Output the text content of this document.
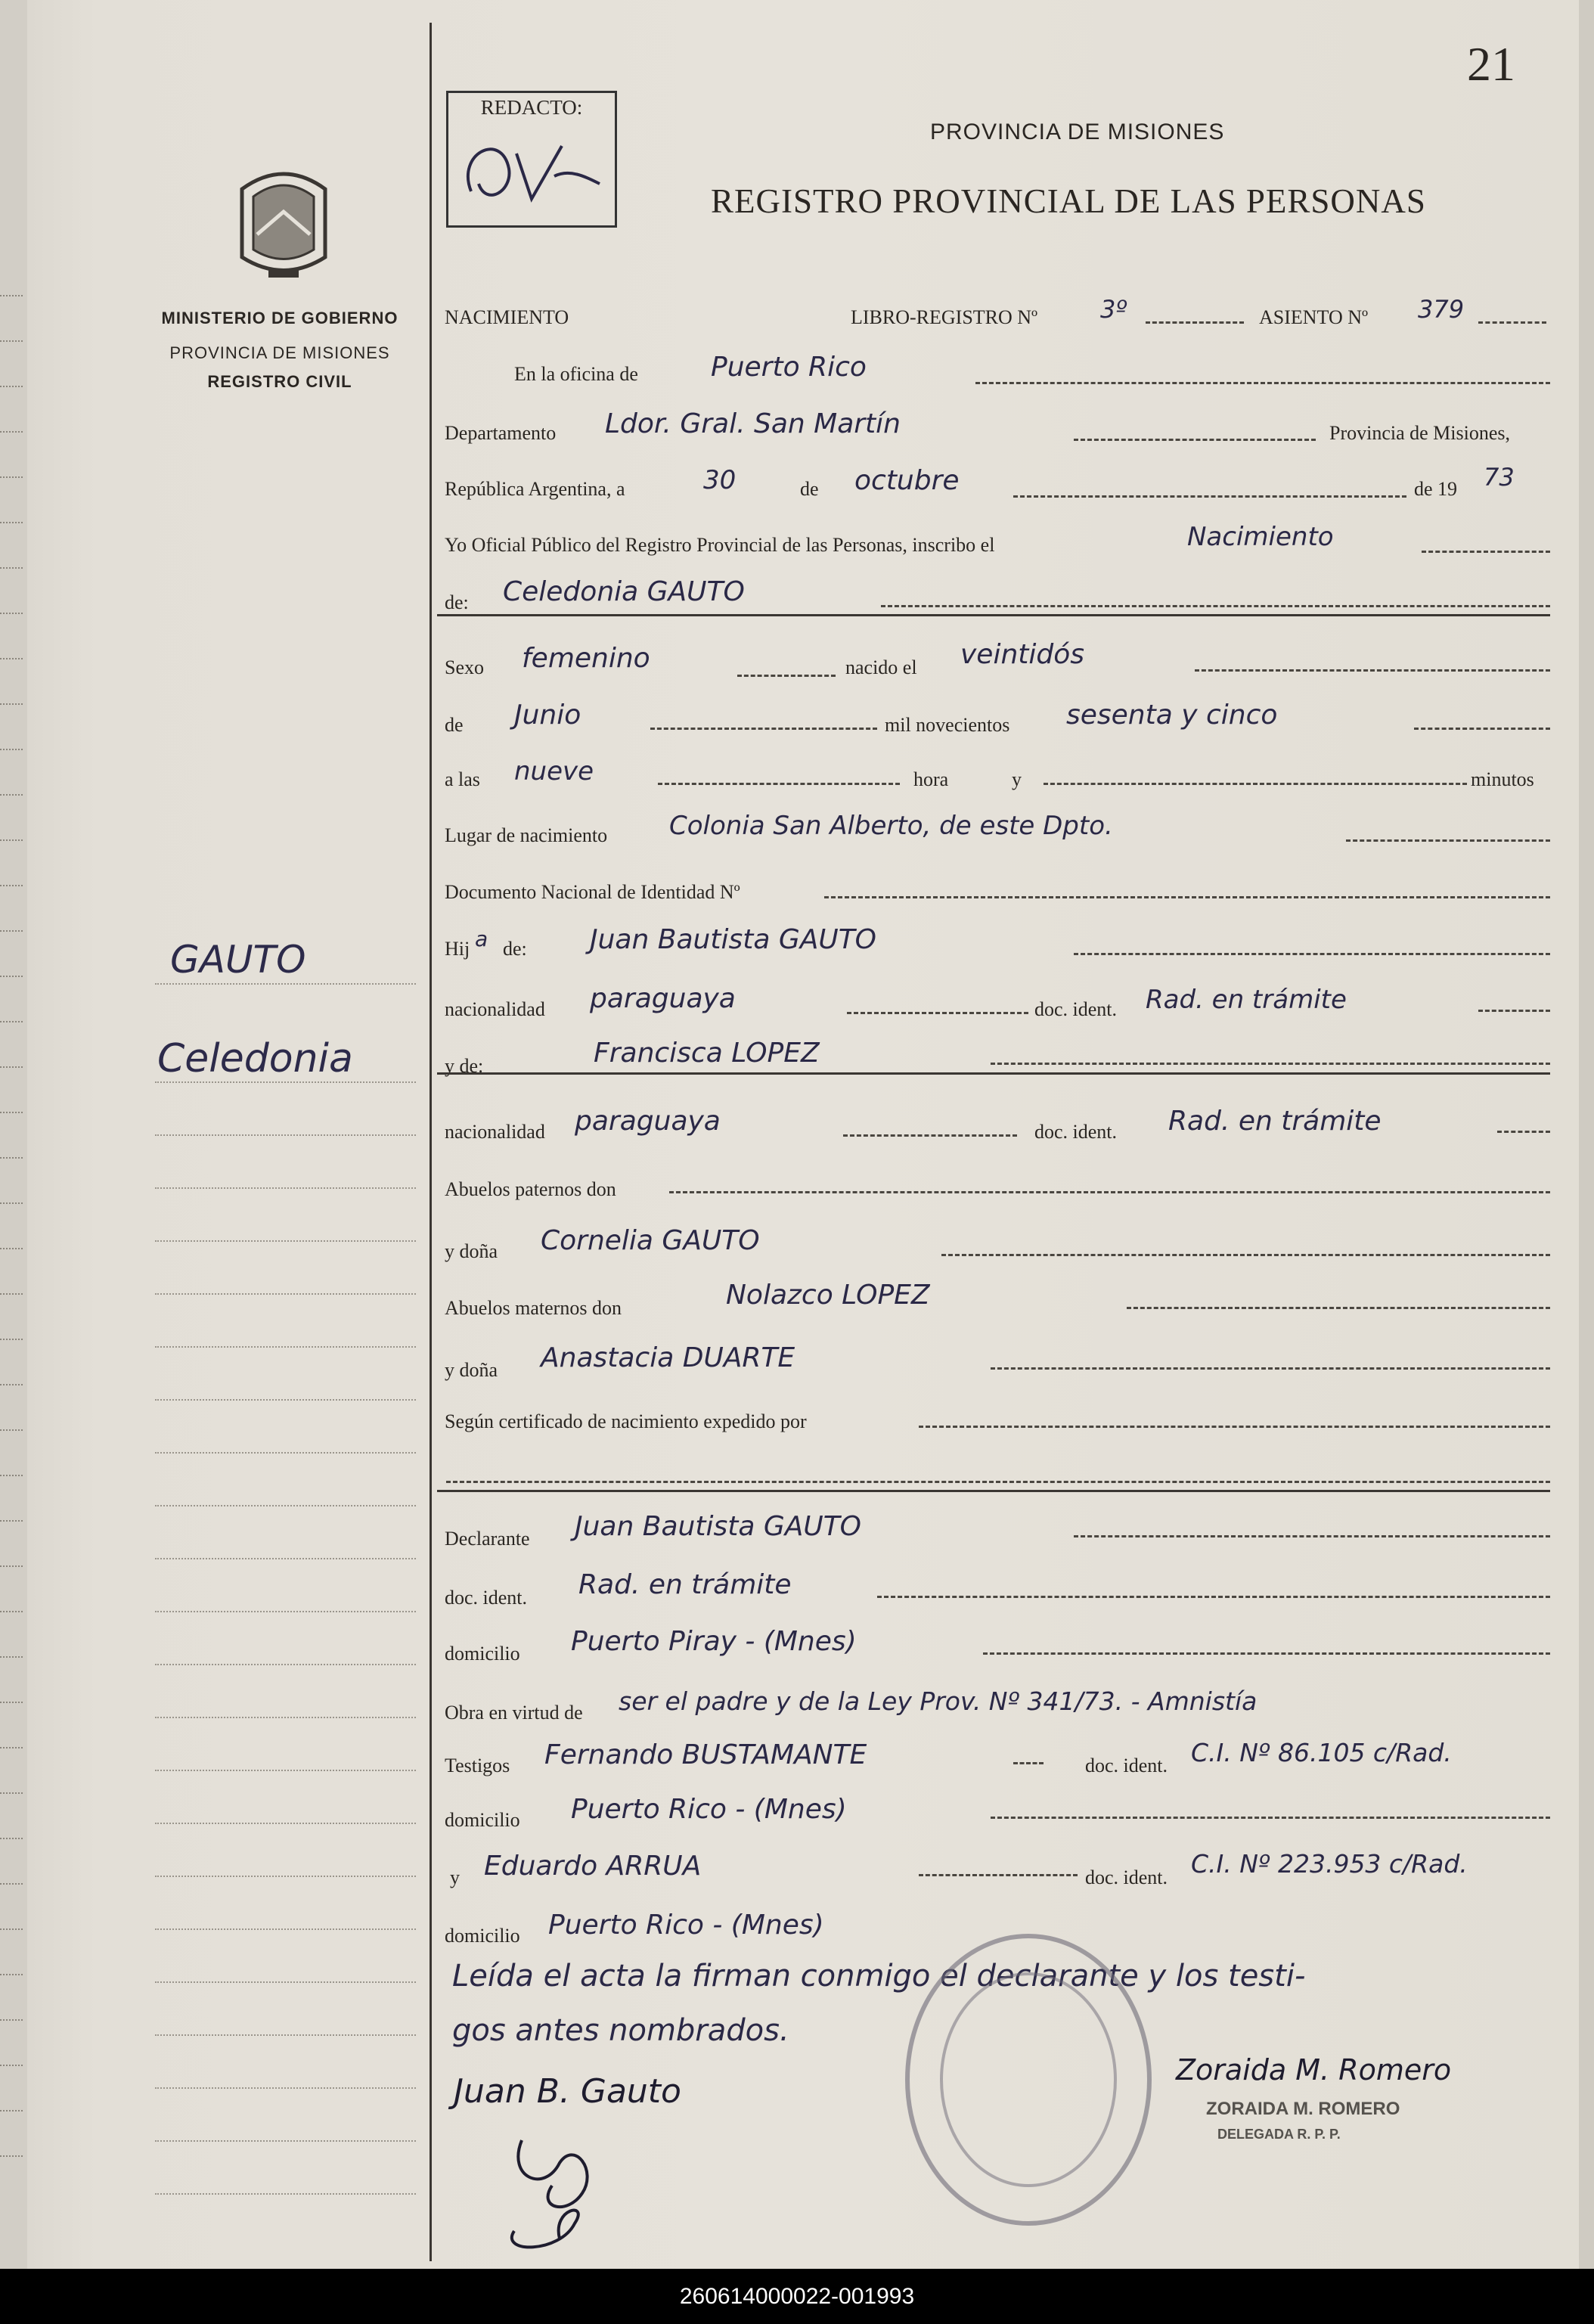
MINISTERIO DE GOBIERNO
PROVINCIA DE MISIONES
REGISTRO CIVIL
GAUTO
Celedonia
REDACTO:
21
PROVINCIA DE MISIONES
REGISTRO PROVINCIAL DE LAS PERSONAS
NACIMIENTO	LIBRO-REGISTRO Nº	3º	ASIENTO Nº 379
En la oficina de	Puerto Rico
Departamento Ldor. Gral. San Martín	Provincia de Misiones,
República Argentina, a	30	de octubre	de 19 73
Yo Oficial Público del Registro Provincial de las Personas, inscribo el	Nacimiento
de: Celedonia GAUTO
Sexo femenino	nacido el veintidós
de Junio	mil novecientos sesenta y cinco
a las nueve	hora	y	minutos
Lugar de nacimiento Colonia San Alberto, de este Dpto.
Documento Nacional de Identidad Nº
Hij a de: Juan Bautista GAUTO
nacionalidad paraguaya	doc. ident. Rad. en trámite
y de:	Francisca LOPEZ
nacionalidad paraguaya	doc. ident. Rad. en trámite
Abuelos paternos don
y doña Cornelia GAUTO
Abuelos maternos don	Nolazco LOPEZ
y doña Anastacia DUARTE
Según certificado de nacimiento expedido por
Declarante Juan Bautista GAUTO
doc. ident. Rad. en trámite
domicilio Puerto Piray - (Mnes)
Obra en virtud de ser el padre y de la Ley Prov. Nº 341/73. - Amnistía
Testigos Fernando BUSTAMANTE	doc. ident. C.I. Nº 86.105 c/Rad.
domicilio Puerto Rico - (Mnes)
y Eduardo ARRUA	doc. ident. C.I. Nº 223.953 c/Rad.
domicilio Puerto Rico - (Mnes)
Leída el acta la firman conmigo el declarante y los testi-
gos antes nombrados.
Juan B. Gauto
Zoraida M. Romero
ZORAIDA M. ROMERO
DELEGADA R. P. P.
260614000022-001993
